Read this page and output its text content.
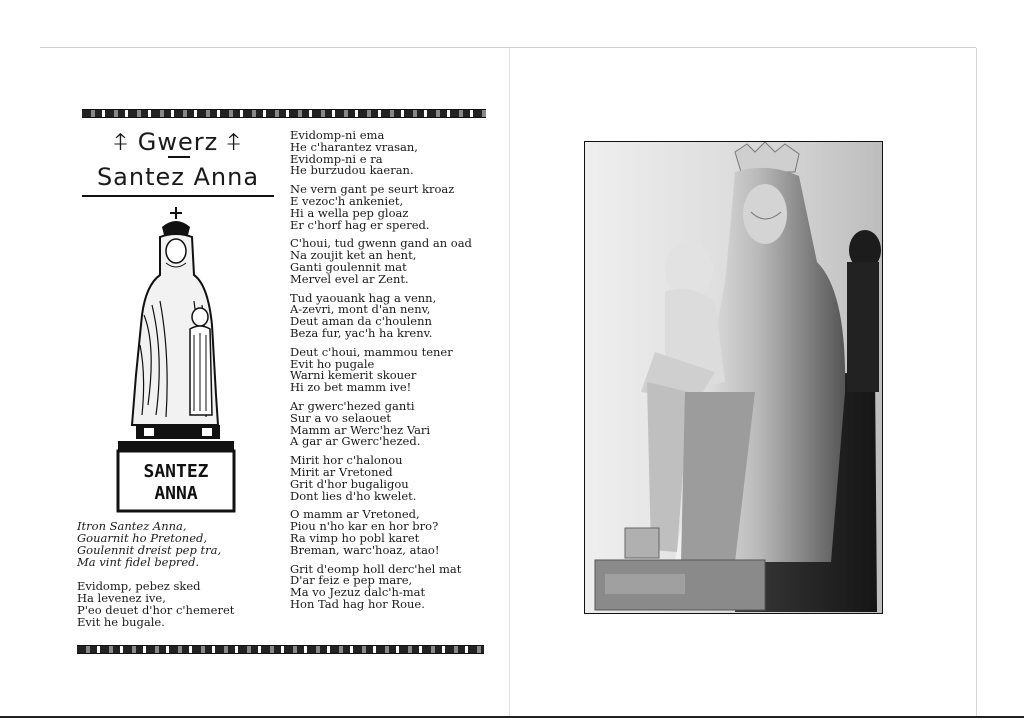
⍏ Gwerz ⍏
Santez Anna
SANTEZ
ANNA
Itron Santez Anna,
Gouarnit ho Pretoned,
Goulennit dreist pep tra,
Ma vint fidel bepred.
Evidomp, pebez sked
Ha levenez ive,
P'eo deuet d'hor c'hemeret
Evit he bugale.
Evidomp-ni ema
He c'harantez vrasan,
Evidomp-ni e ra
He burzudou kaeran.
Ne vern gant pe seurt kroaz
E vezoc'h ankeniet,
Hi a wella pep gloaz
Er c'horf hag er spered.
C'houi, tud gwenn gand an oad
Na zoujit ket an hent,
Ganti goulennit mat
Mervel evel ar Zent.
Tud yaouank hag a venn,
A-zevri, mont d'an nenv,
Deut aman da c'houlenn
Beza fur, yac'h ha krenv.
Deut c'houi, mammou tener
Evit ho pugale
Warni kemerit skouer
Hi zo bet mamm ive!
Ar gwerc'hezed ganti
Sur a vo selaouet
Mamm ar Werc'hez Vari
A gar ar Gwerc'hezed.
Mirit hor c'halonou
Mirit ar Vretoned
Grit d'hor bugaligou
Dont lies d'ho kwelet.
O mamm ar Vretoned,
Piou n'ho kar en hor bro?
Ra vimp ho pobl karet
Breman, warc'hoaz, atao!
Grit d'eomp holl derc'hel mat
D'ar feiz e pep mare,
Ma vo Jezuz dalc'h-mat
Hon Tad hag hor Roue.
